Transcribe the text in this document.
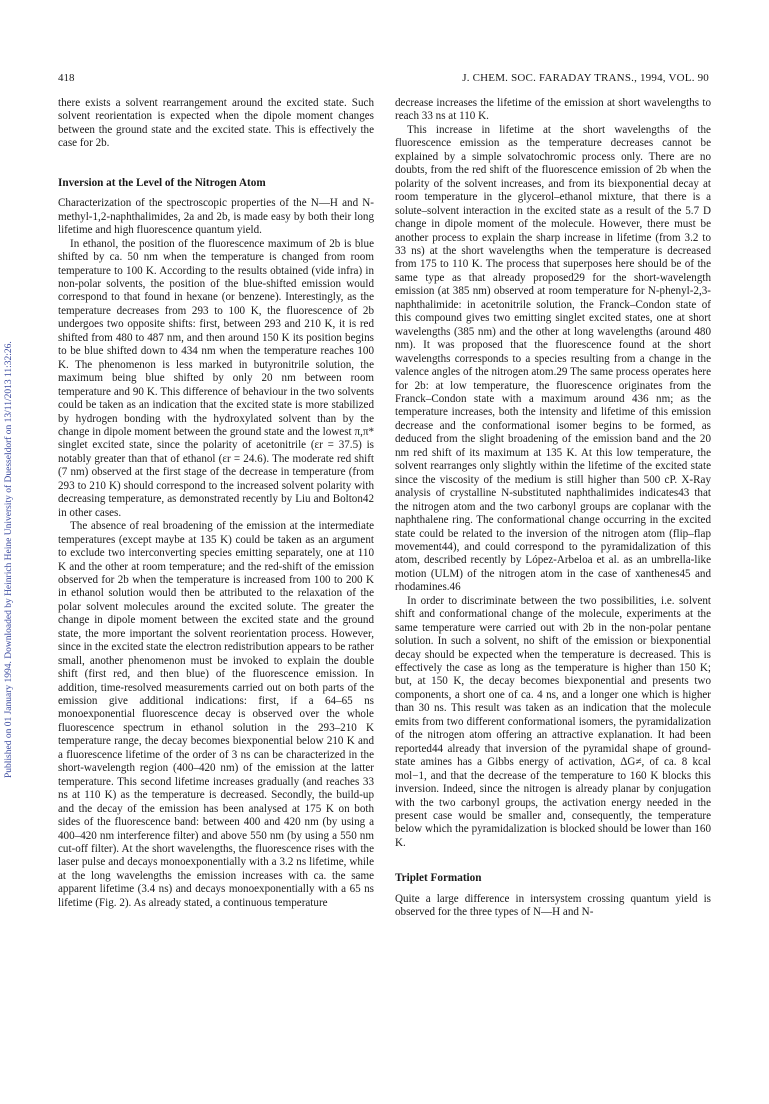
418	J. CHEM. SOC. FARADAY TRANS., 1994, VOL. 90
Published on 01 January 1994. Downloaded by Heinrich Heine University of Duesseldorf on 13/11/2013 11:32:26.

there exists a solvent rearrangement around the excited state. Such solvent reorientation is expected when the dipole moment changes between the ground state and the excited state. This is effectively the case for 2b.

Inversion at the Level of the Nitrogen Atom

Characterization of the spectroscopic properties of the N—H and N-methyl-1,2-naphthalimides, 2a and 2b, is made easy by both their long lifetime and high fluorescence quantum yield.

In ethanol, the position of the fluorescence maximum of 2b is blue shifted by ca. 50 nm when the temperature is changed from room temperature to 100 K. According to the results obtained (vide infra) in non-polar solvents, the position of the blue-shifted emission would correspond to that found in hexane (or benzene). Interestingly, as the temperature decreases from 293 to 100 K, the fluorescence of 2b undergoes two opposite shifts: first, between 293 and 210 K, it is red shifted from 480 to 487 nm, and then around 150 K its position begins to be blue shifted down to 434 nm when the temperature reaches 100 K. The phenomenon is less marked in butyronitrile solution, the maximum being blue shifted by only 20 nm between room temperature and 90 K. This difference of behaviour in the two solvents could be taken as an indication that the excited state is more stabilized by hydrogen bonding with the hydroxylated solvent than by the change in dipole moment between the ground state and the lowest π,π* singlet excited state, since the polarity of acetonitrile (εr = 37.5) is notably greater than that of ethanol (εr = 24.6). The moderate red shift (7 nm) observed at the first stage of the decrease in temperature (from 293 to 210 K) should correspond to the increased solvent polarity with decreasing temperature, as demonstrated recently by Liu and Bolton42 in other cases.

The absence of real broadening of the emission at the intermediate temperatures (except maybe at 135 K) could be taken as an argument to exclude two interconverting species emitting separately, one at 110 K and the other at room temperature; and the red-shift of the emission observed for 2b when the temperature is increased from 100 to 200 K in ethanol solution would then be attributed to the relaxation of the polar solvent molecules around the excited solute. The greater the change in dipole moment between the excited state and the ground state, the more important the solvent reorientation process. However, since in the excited state the electron redistribution appears to be rather small, another phenomenon must be invoked to explain the double shift (first red, and then blue) of the fluorescence emission. In addition, time-resolved measurements carried out on both parts of the emission give additional indications: first, if a 64–65 ns monoexponential fluorescence decay is observed over the whole fluorescence spectrum in ethanol solution in the 293–210 K temperature range, the decay becomes biexponential below 210 K and a fluorescence lifetime of the order of 3 ns can be characterized in the short-wavelength region (400–420 nm) of the emission at the latter temperature. This second lifetime increases gradually (and reaches 33 ns at 110 K) as the temperature is decreased. Secondly, the build-up and the decay of the emission has been analysed at 175 K on both sides of the fluorescence band: between 400 and 420 nm (by using a 400–420 nm interference filter) and above 550 nm (by using a 550 nm cut-off filter). At the short wavelengths, the fluorescence rises with the laser pulse and decays monoexponentially with a 3.2 ns lifetime, while at the long wavelengths the emission increases with ca. the same apparent lifetime (3.4 ns) and decays monoexponentially with a 65 ns lifetime (Fig. 2). As already stated, a continuous temperature

decrease increases the lifetime of the emission at short wavelengths to reach 33 ns at 110 K.

This increase in lifetime at the short wavelengths of the fluorescence emission as the temperature decreases cannot be explained by a simple solvatochromic process only. There are no doubts, from the red shift of the fluorescence emission of 2b when the polarity of the solvent increases, and from its biexponential decay at room temperature in the glycerol–ethanol mixture, that there is a solute–solvent interaction in the excited state as a result of the 5.7 D change in dipole moment of the molecule. However, there must be another process to explain the sharp increase in lifetime (from 3.2 to 33 ns) at the short wavelengths when the temperature is decreased from 175 to 110 K. The process that superposes here should be of the same type as that already proposed29 for the short-wavelength emission (at 385 nm) observed at room temperature for N-phenyl-2,3-naphthalimide: in acetonitrile solution, the Franck–Condon state of this compound gives two emitting singlet excited states, one at short wavelengths (385 nm) and the other at long wavelengths (around 480 nm). It was proposed that the fluorescence found at the short wavelengths corresponds to a species resulting from a change in the valence angles of the nitrogen atom.29 The same process operates here for 2b: at low temperature, the fluorescence originates from the Franck–Condon state with a maximum around 436 nm; as the temperature increases, both the intensity and lifetime of this emission decrease and the conformational isomer begins to be formed, as deduced from the slight broadening of the emission band and the 20 nm red shift of its maximum at 135 K. At this low temperature, the solvent rearranges only slightly within the lifetime of the excited state since the viscosity of the medium is still higher than 500 cP. X-Ray analysis of crystalline N-substituted naphthalimides indicates43 that the nitrogen atom and the two carbonyl groups are coplanar with the naphthalene ring. The conformational change occurring in the excited state could be related to the inversion of the nitrogen atom (flip–flap movement44), and could correspond to the pyramidalization of this atom, described recently by López-Arbeloa et al. as an umbrella-like motion (ULM) of the nitrogen atom in the case of xanthenes45 and rhodamines.46

In order to discriminate between the two possibilities, i.e. solvent shift and conformational change of the molecule, experiments at the same temperature were carried out with 2b in the non-polar pentane solution. In such a solvent, no shift of the emission or biexponential decay should be expected when the temperature is decreased. This is effectively the case as long as the temperature is higher than 150 K; but, at 150 K, the decay becomes biexponential and presents two components, a short one of ca. 4 ns, and a longer one which is higher than 30 ns. This result was taken as an indication that the molecule emits from two different conformational isomers, the pyramidalization of the nitrogen atom offering an attractive explanation. It had been reported44 already that inversion of the pyramidal shape of ground-state amines has a Gibbs energy of activation, ΔG≠, of ca. 8 kcal mol−1, and that the decrease of the temperature to 160 K blocks this inversion. Indeed, since the nitrogen is already planar by conjugation with the two carbonyl groups, the activation energy needed in the present case would be smaller and, consequently, the temperature below which the pyramidalization is blocked should be lower than 160 K.

Triplet Formation

Quite a large difference in intersystem crossing quantum yield is observed for the three types of N—H and N-
